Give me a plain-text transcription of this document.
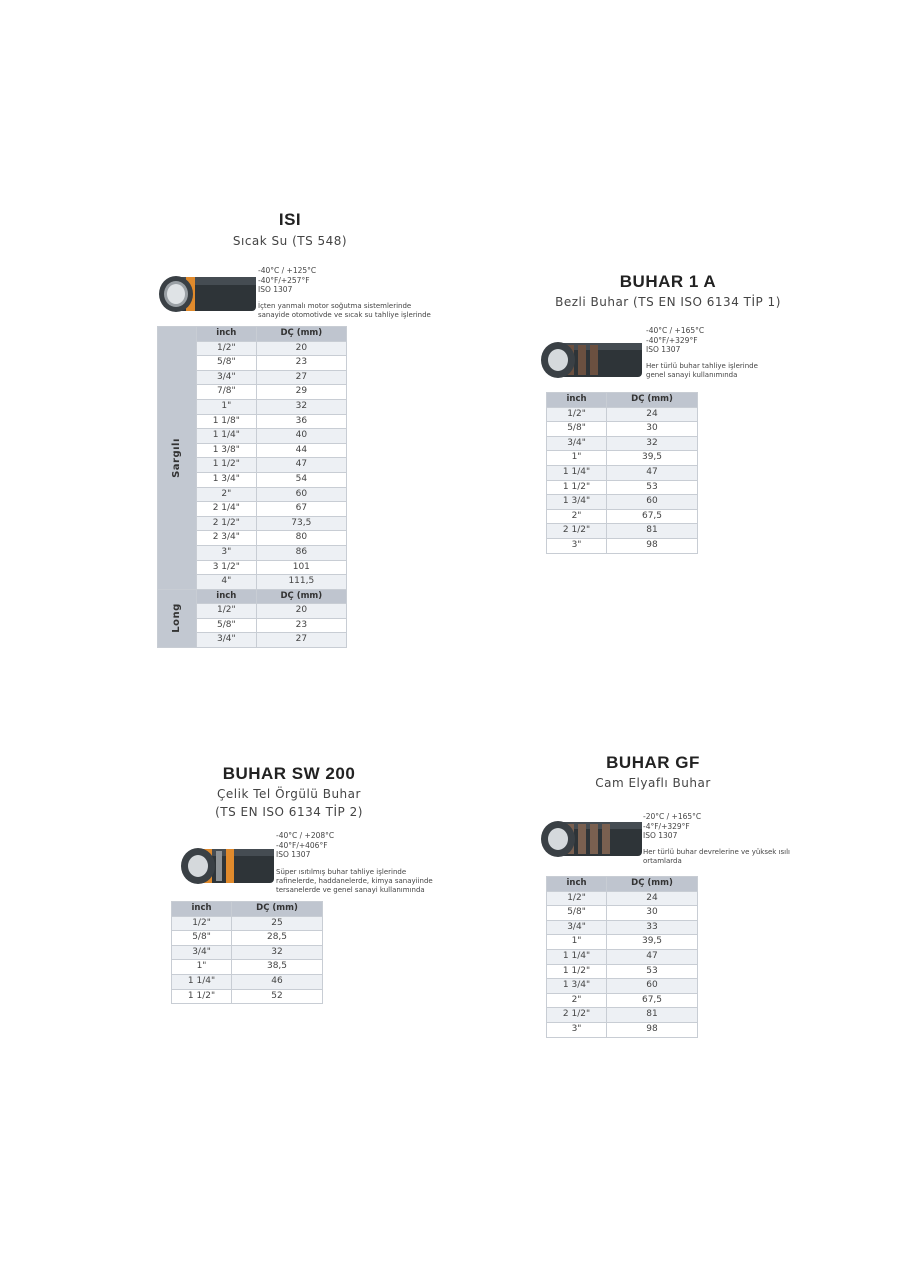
ISI
Sıcak Su (TS 548)
-40°C / +125°C
-40°F/+257°F
ISO 1307
İçten yanmalı motor soğutma sistemlerinde
sanayide otomotivde ve sıcak su tahliye işlerinde
Sargılı	inch	DÇ (mm)
	1/2"	20
	5/8"	23
	3/4"	27
	7/8"	29
	1"	32
	1 1/8"	36
	1 1/4"	40
	1 3/8"	44
	1 1/2"	47
	1 3/4"	54
	2"	60
	2 1/4"	67
	2 1/2"	73,5
	2 3/4"	80
	3"	86
	3 1/2"	101
	4"	111,5

Long	inch	DÇ (mm)
	1/2"	20
	5/8"	23
	3/4"	27
BUHAR 1 A
Bezli Buhar (TS EN ISO 6134 TİP 1)
-40°C / +165°C
-40°F/+329°F
ISO 1307
Her türlü buhar tahliye işlerinde
genel sanayi kullanımında
inch	DÇ (mm)
1/2"	24
5/8"	30
3/4"	32
1"	39,5
1 1/4"	47
1 1/2"	53
1 3/4"	60
2"	67,5
2 1/2"	81
3"	98
BUHAR SW 200
Çelik Tel Örgülü Buhar
(TS EN ISO 6134 TİP 2)
-40°C / +208°C
-40°F/+406°F
ISO 1307
Süper ısıtılmış buhar tahliye işlerinde
rafinelerde, haddanelerde, kimya sanayiinde
tersanelerde ve genel sanayi kullanımında
inch	DÇ (mm)
1/2"	25
5/8"	28,5
3/4"	32
1"	38,5
1 1/4"	46
1 1/2"	52
BUHAR GF
Cam Elyaflı Buhar
-20°C / +165°C
-4°F/+329°F
ISO 1307
Her türlü buhar devrelerine ve yüksek ısılı
ortamlarda
inch	DÇ (mm)
1/2"	24
5/8"	30
3/4"	33
1"	39,5
1 1/4"	47
1 1/2"	53
1 3/4"	60
2"	67,5
2 1/2"	81
3"	98
